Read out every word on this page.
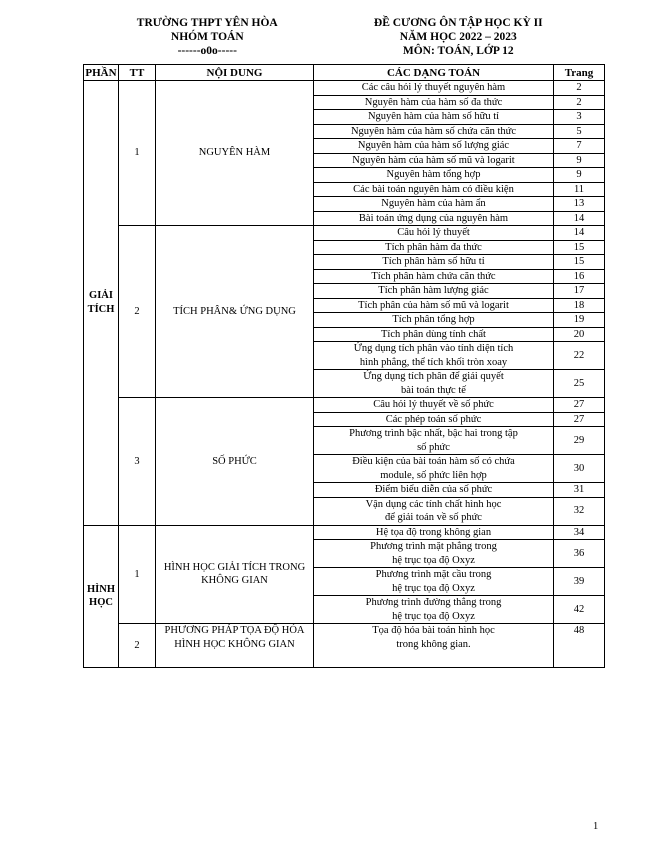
TRƯỜNG THPT YÊN HÒA
NHÓM TOÁN
------o0o-----
ĐỀ CƯƠNG ÔN TẬP HỌC KỲ II
NĂM HỌC 2022 – 2023
MÔN: TOÁN, LỚP 12
PHẦN	TT	NỘI DUNG	CÁC DẠNG TOÁN	Trang
GIẢI
TÍCH	1	NGUYÊN HÀM	Các câu hỏi lý thuyết nguyên hàm	2
			Nguyên hàm của hàm số đa thức	2
			Nguyên hàm của hàm số hữu tỉ	3
			Nguyên hàm của hàm số chứa căn thức	5
			Nguyên hàm của hàm số lượng giác	7
			Nguyên hàm của hàm số mũ và logarit	9
			Nguyên hàm tổng hợp	9
			Các bài toán nguyên hàm có điều kiện	11
			Nguyên hàm của hàm ẩn	13
			Bài toán ứng dụng của nguyên hàm	14
	2	TÍCH PHÂN& ỨNG DỤNG	Câu hỏi lý thuyết	14
			Tích phân hàm đa thức	15
			Tích phân hàm số hữu tỉ	15
			Tích phân hàm chứa căn thức	16
			Tích phân hàm lượng giác	17
			Tích phân của hàm số mũ và logarit	18
			Tích phân tổng hợp	19
			Tích phân dùng tính chất	20
			Ứng dụng tích phân vào tính diện tích
hình phẳng, thể tích khối tròn xoay	22
			Ứng dụng tích phân để giải quyết
bài toán thực tế	25
	3	SỐ PHỨC	Câu hỏi lý thuyết về số phức	27
			Các phép toán số phức	27
			Phương trình bậc nhất, bậc hai trong tập
số phức	29
			Điều kiện của bài toán hàm số có chứa
module, số phức liên hợp	30
			Điểm biểu diễn của số phức	31
			Vận dụng các tính chất hình học
để giải toán về số phức	32
HÌNH
HỌC	1	HÌNH HỌC GIẢI TÍCH TRONG
KHÔNG GIAN	Hệ tọa độ trong không gian	34
			Phương trình mặt phẳng trong
hệ trục tọa độ Oxyz	36
			Phương trình mặt cầu trong
hệ trục tọa độ Oxyz	39
			Phương trình đường thẳng trong
hệ trục tọa độ Oxyz	42
	2	PHƯƠNG PHÁP TỌA ĐỘ HÓA
HÌNH HỌC KHÔNG GIAN	Tọa độ hóa bài toán hình học
trong không gian.	48
1
